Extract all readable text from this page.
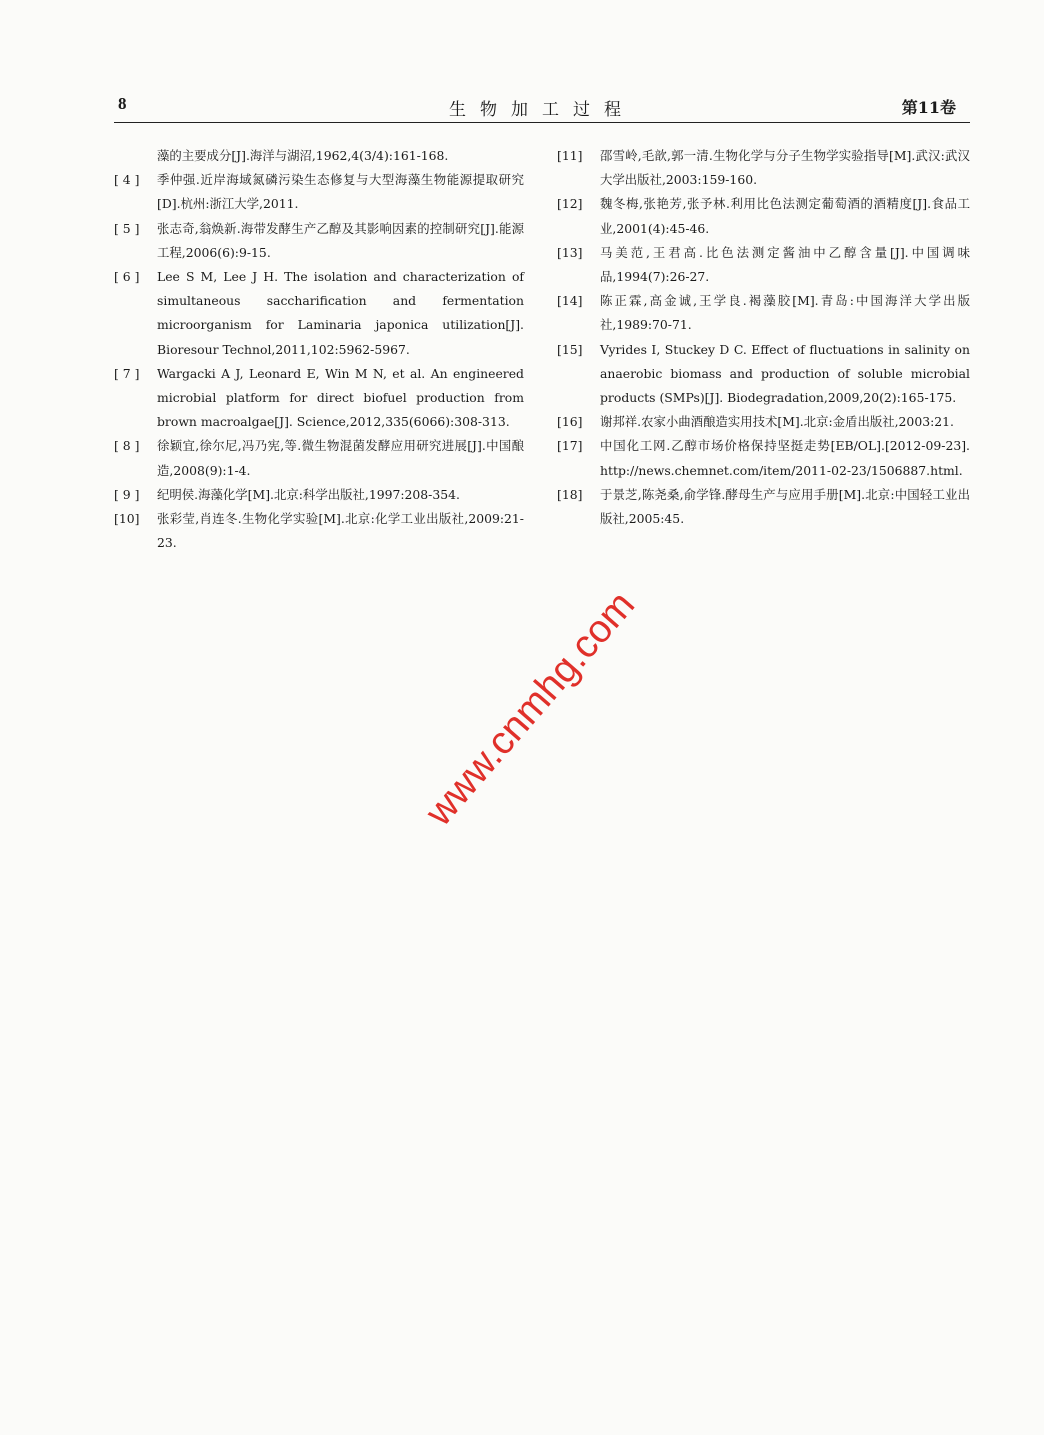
8	生物加工过程	第11卷
藻的主要成分[J].海洋与湖沼,1962,4(3/4):161-168.
[ 4 ]	季仲强.近岸海域氮磷污染生态修复与大型海藻生物能源提取研究[D].杭州:浙江大学,2011.
[ 5 ]	张志奇,翁焕新.海带发酵生产乙醇及其影响因素的控制研究[J].能源工程,2006(6):9-15.
[ 6 ]	Lee S M, Lee J H. The isolation and characterization of simultaneous saccharification and fermentation microorganism for Laminaria japonica utilization[J]. Bioresour Technol,2011,102:5962-5967.
[ 7 ]	Wargacki A J, Leonard E, Win M N, et al. An engineered microbial platform for direct biofuel production from brown macroalgae[J]. Science,2012,335(6066):308-313.
[ 8 ]	徐颖宜,徐尔尼,冯乃宪,等.微生物混菌发酵应用研究进展[J].中国酿造,2008(9):1-4.
[ 9 ]	纪明侯.海藻化学[M].北京:科学出版社,1997:208-354.
[10]	张彩莹,肖连冬.生物化学实验[M].北京:化学工业出版社,2009:21-23.
[11]	邵雪岭,毛歆,郭一清.生物化学与分子生物学实验指导[M].武汉:武汉大学出版社,2003:159-160.
[12]	魏冬梅,张艳芳,张予林.利用比色法测定葡萄酒的酒精度[J].食品工业,2001(4):45-46.
[13]	马美范,王君高.比色法测定酱油中乙醇含量[J].中国调味品,1994(7):26-27.
[14]	陈正霖,高金诚,王学良.褐藻胶[M].青岛:中国海洋大学出版社,1989:70-71.
[15]	Vyrides I, Stuckey D C. Effect of fluctuations in salinity on anaerobic biomass and production of soluble microbial products (SMPs)[J]. Biodegradation,2009,20(2):165-175.
[16]	谢邦祥.农家小曲酒酿造实用技术[M].北京:金盾出版社,2003:21.
[17]	中国化工网.乙醇市场价格保持坚挺走势[EB/OL].[2012-09-23]. http://news.chemnet.com/item/2011-02-23/1506887.html.
[18]	于景芝,陈尧桑,俞学锋.酵母生产与应用手册[M].北京:中国轻工业出版社,2005:45.
www.cnmhg.com
